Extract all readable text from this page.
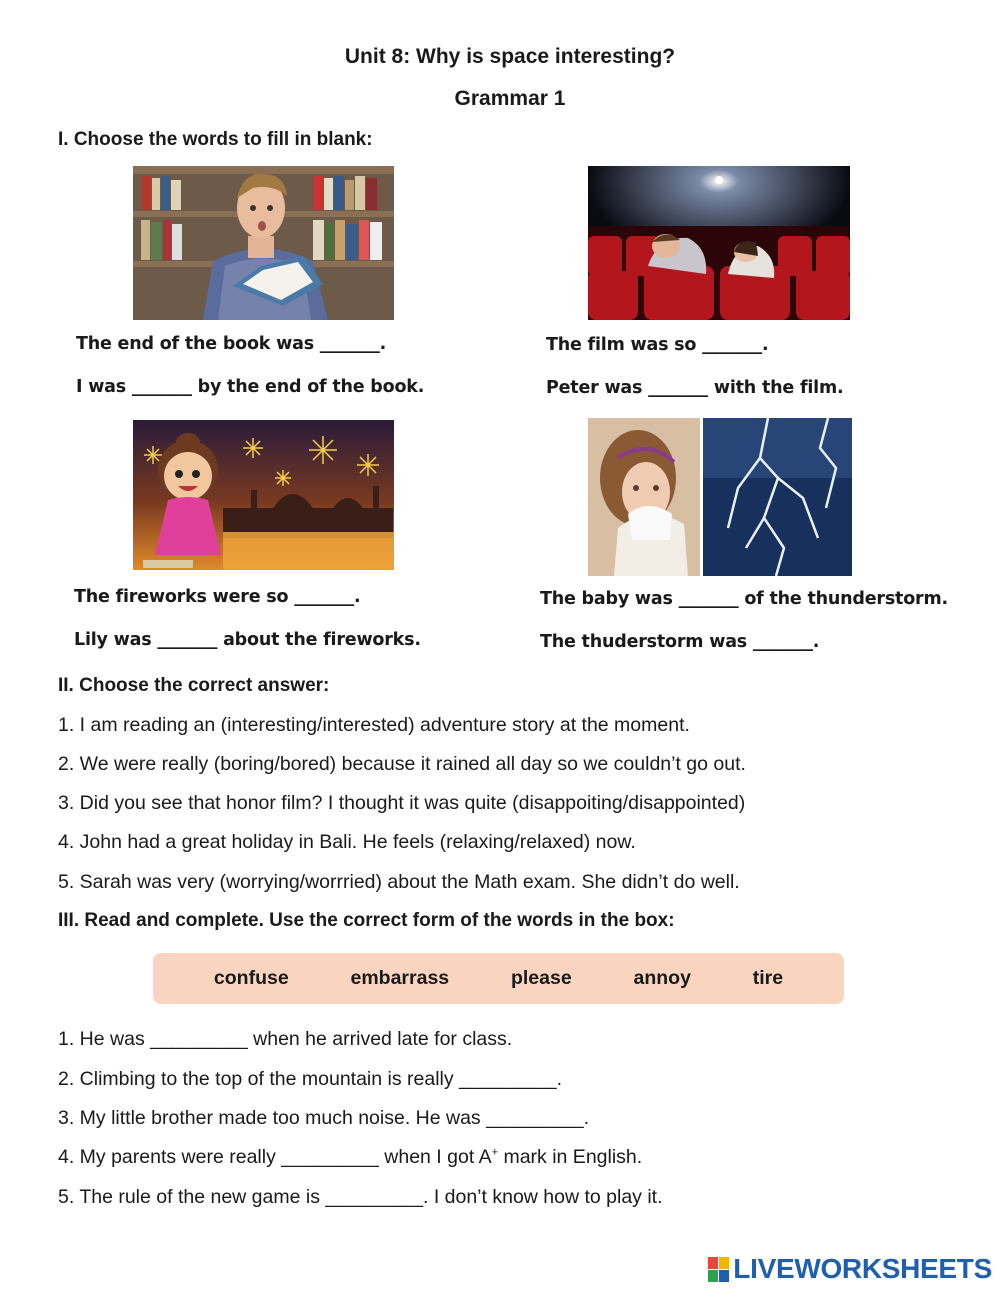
Unit 8: Why is space interesting?
Grammar 1
I. Choose the words to fill in blank:
The end of the book was _______.
I was _______ by the end of the book.
The film was so _______.
Peter was _______ with the film.
The fireworks were so _______.
Lily was _______ about the fireworks.
The baby was _______ of the thunderstorm.
The thuderstorm was _______.
II. Choose the correct answer:
1. I am reading an (interesting/interested) adventure story at the moment.
2. We were really (boring/bored) because it rained all day so we couldn’t go out.
3. Did you see that honor film? I thought it was quite (disappoiting/disappointed)
4. John had a great holiday in Bali. He feels (relaxing/relaxed) now.
5. Sarah was very (worrying/worrried) about the Math exam. She didn’t do well.
III. Read and complete. Use the correct form of the words in the box:
confuse	embarrass	please	annoy	tire
1. He was _________ when he arrived late for class.
2. Climbing to the top of the mountain is really _________.
3. My little brother made too much noise. He was _________.
4. My parents were really _________ when I got A+ mark in English.
5. The rule of the new game is _________. I don’t know how to play it.
LIVEWORKSHEETS
